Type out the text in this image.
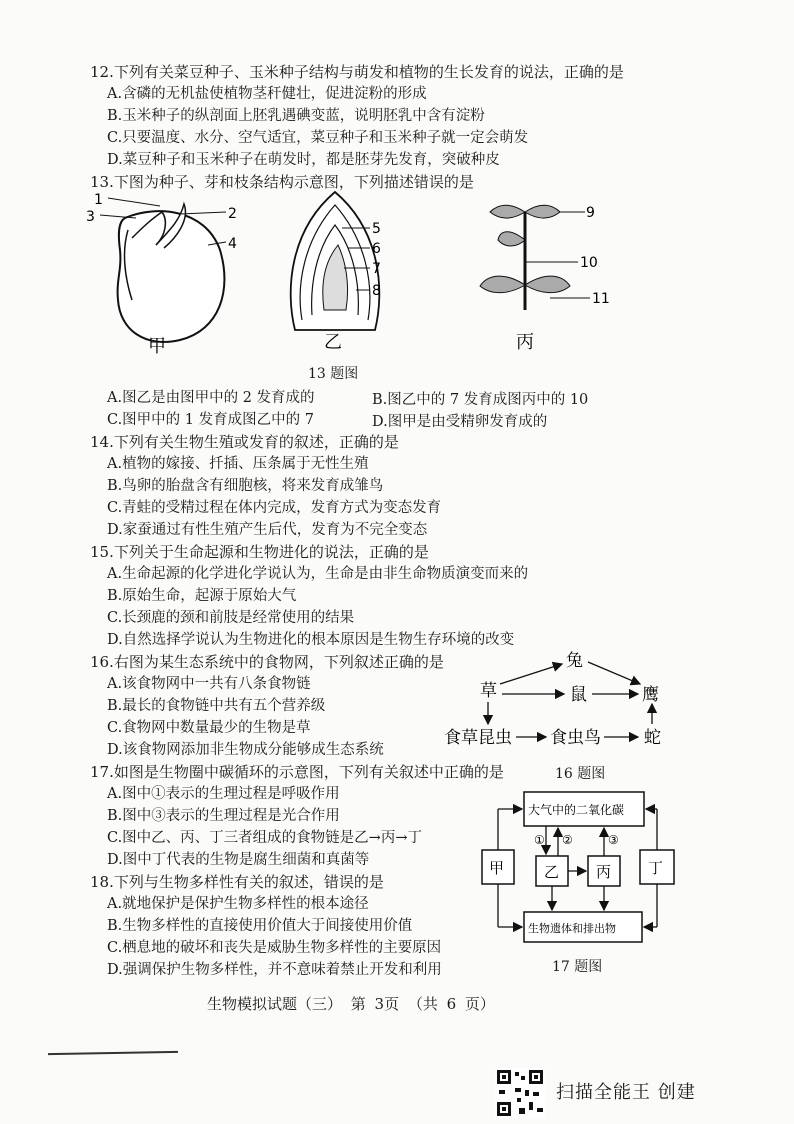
12.下列有关菜豆种子、玉米种子结构与萌发和植物的生长发育的说法，正确的是
A.含磷的无机盐使植物茎秆健壮，促进淀粉的形成
B.玉米种子的纵剖面上胚乳遇碘变蓝，说明胚乳中含有淀粉
C.只要温度、水分、空气适宜，菜豆种子和玉米种子就一定会萌发
D.菜豆种子和玉米种子在萌发时，都是胚芽先发育，突破种皮
13.下图为种子、芽和枝条结构示意图，下列描述错误的是
1
3	2
4
甲
5
6
7
8
乙
9
10
11
丙
13 题图
A.图乙是由图甲中的 2 发育成的	B.图乙中的 7 发育成图丙中的 10
C.图甲中的 1 发育成图乙中的 7	D.图甲是由受精卵发育成的
14.下列有关生物生殖或发育的叙述，正确的是
A.植物的嫁接、扦插、压条属于无性生殖
B.鸟卵的胎盘含有细胞核，将来发育成雏鸟
C.青蛙的受精过程在体内完成，发育方式为变态发育
D.家蚕通过有性生殖产生后代，发育为不完全变态
15.下列关于生命起源和生物进化的说法，正确的是
A.生命起源的化学进化学说认为，生命是由非生命物质演变而来的
B.原始生命，起源于原始大气
C.长颈鹿的颈和前肢是经常使用的结果
D.自然选择学说认为生物进化的根本原因是生物生存环境的改变
16.右图为某生态系统中的食物网，下列叙述正确的是
A.该食物网中一共有八条食物链
B.最长的食物链中共有五个营养级
C.食物网中数量最少的生物是草
D.该食物网添加非生物成分能够成生态系统
兔
草	鼠	鹰
食草昆虫 食虫鸟	蛇
16 题图
17.如图是生物圈中碳循环的示意图，下列有关叙述中正确的是
A.图中①表示的生理过程是呼吸作用
B.图中③表示的生理过程是光合作用
C.图中乙、丙、丁三者组成的食物链是乙→丙→丁
D.图中丁代表的生物是腐生细菌和真菌等
大气中的二氧化碳
甲	乙 丙 丁
生物遗体和排出物
① ②	③
17 题图
18.下列与生物多样性有关的叙述，错误的是
A.就地保护是保护生物多样性的根本途径
B.生物多样性的直接使用价值大于间接使用价值
C.栖息地的破坏和丧失是威胁生物多样性的主要原因
D.强调保护生物多样性，并不意味着禁止开发和利用
生物模拟试题（三） 第 3页 （共 6 页）
扫描全能王 创建
